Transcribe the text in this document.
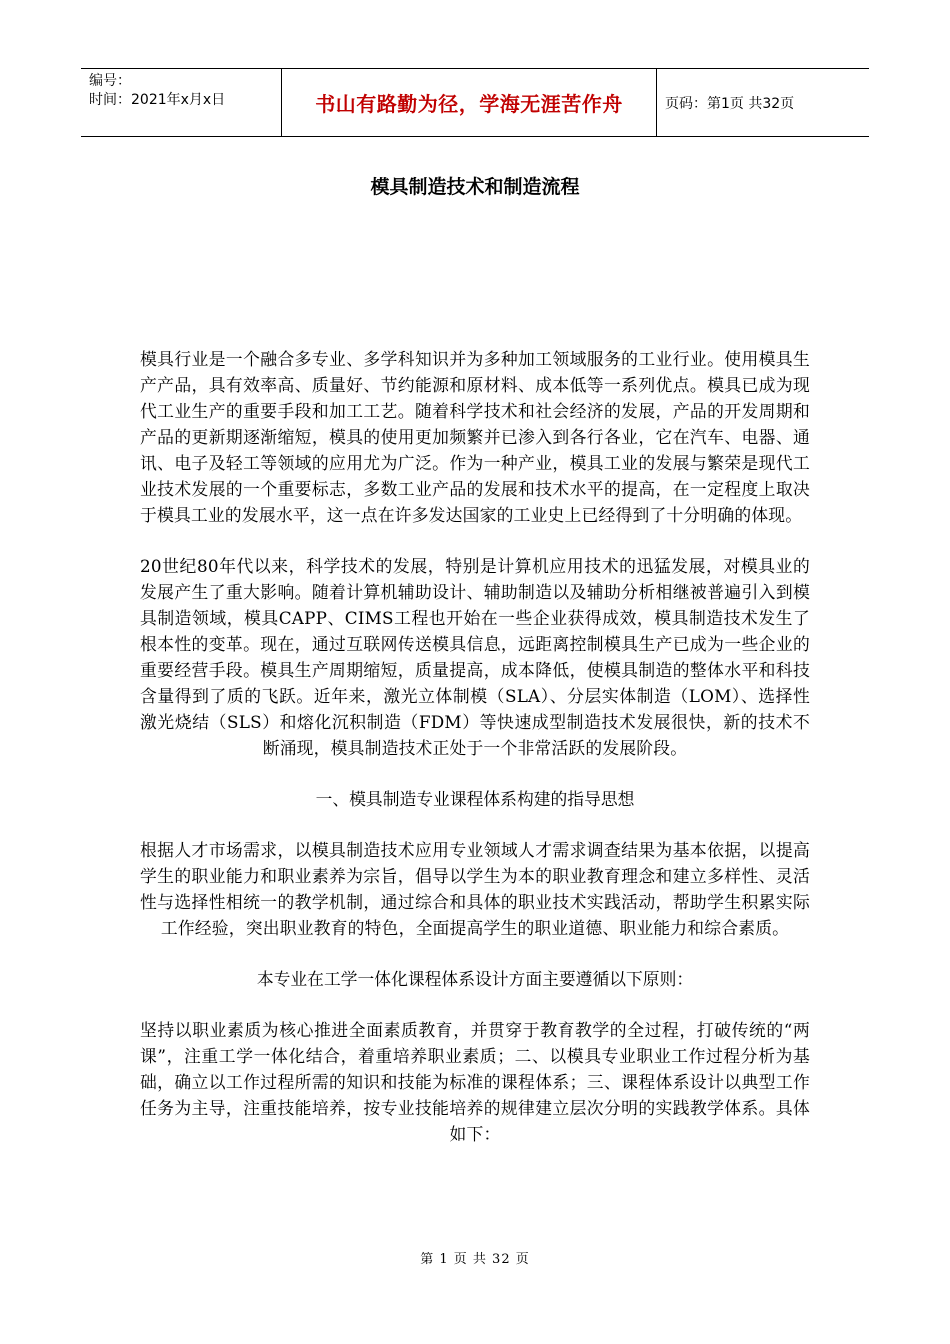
编号：
时间：2021年x月x日	书山有路勤为径，学海无涯苦作舟	页码：第1页 共32页
模具制造技术和制造流程

模具行业是一个融合多专业、多学科知识并为多种加工领域服务的工业行业。使用模具生产产品，具有效率高、质量好、节约能源和原材料、成本低等一系列优点。模具已成为现代工业生产的重要手段和加工工艺。随着科学技术和社会经济的发展，产品的开发周期和产品的更新期逐渐缩短，模具的使用更加频繁并已渗入到各行各业，它在汽车、电器、通讯、电子及轻工等领域的应用尤为广泛。作为一种产业，模具工业的发展与繁荣是现代工业技术发展的一个重要标志，多数工业产品的发展和技术水平的提高，在一定程度上取决于模具工业的发展水平，这一点在许多发达国家的工业史上已经得到了十分明确的体现。

20世纪80年代以来，科学技术的发展，特别是计算机应用技术的迅猛发展，对模具业的发展产生了重大影响。随着计算机辅助设计、辅助制造以及辅助分析相继被普遍引入到模具制造领域，模具CAPP、CIMS工程也开始在一些企业获得成效，模具制造技术发生了根本性的变革。现在，通过互联网传送模具信息，远距离控制模具生产已成为一些企业的重要经营手段。模具生产周期缩短，质量提高，成本降低，使模具制造的整体水平和科技含量得到了质的飞跃。近年来，激光立体制模（SLA）、分层实体制造（LOM）、选择性激光烧结（SLS）和熔化沉积制造（FDM）等快速成型制造技术发展很快，新的技术不断涌现，模具制造技术正处于一个非常活跃的发展阶段。

一、模具制造专业课程体系构建的指导思想

根据人才市场需求，以模具制造技术应用专业领域人才需求调查结果为基本依据，以提高学生的职业能力和职业素养为宗旨，倡导以学生为本的职业教育理念和建立多样性、灵活性与选择性相统一的教学机制，通过综合和具体的职业技术实践活动，帮助学生积累实际工作经验，突出职业教育的特色，全面提高学生的职业道德、职业能力和综合素质。

本专业在工学一体化课程体系设计方面主要遵循以下原则：

坚持以职业素质为核心推进全面素质教育，并贯穿于教育教学的全过程，打破传统的“两课”，注重工学一体化结合，着重培养职业素质；二、以模具专业职业工作过程分析为基础，确立以工作过程所需的知识和技能为标准的课程体系；三、课程体系设计以典型工作任务为主导，注重技能培养，按专业技能培养的规律建立层次分明的实践教学体系。具体如下：

第 1 页 共 32 页
